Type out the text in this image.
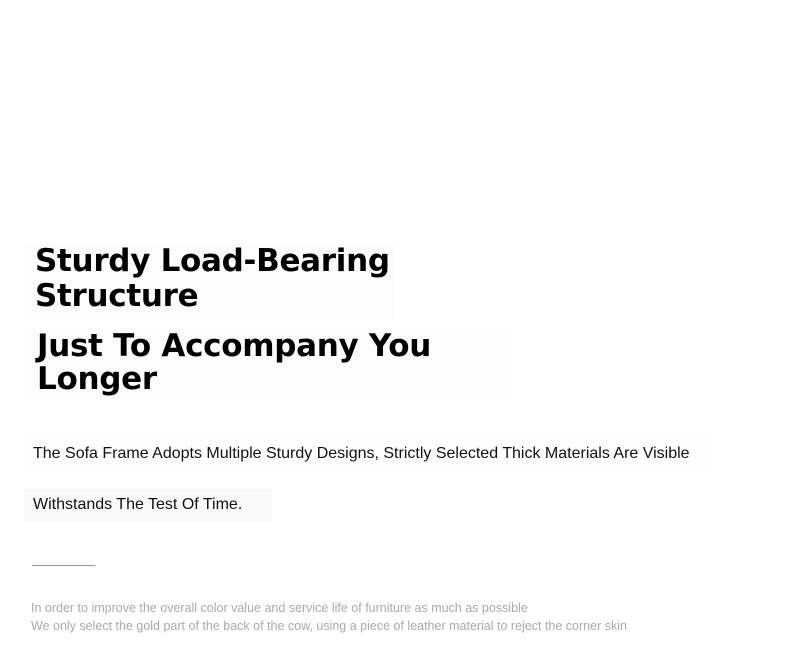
Sturdy Load-Bearing
Structure
Just To Accompany You
Longer
The Sofa Frame Adopts Multiple Sturdy Designs, Strictly Selected Thick Materials Are Visible
Withstands The Test Of Time.
In order to improve the overall color value and service life of furniture as much as possible
We only select the gold part of the back of the cow, using a piece of leather material to reject the corner skin
